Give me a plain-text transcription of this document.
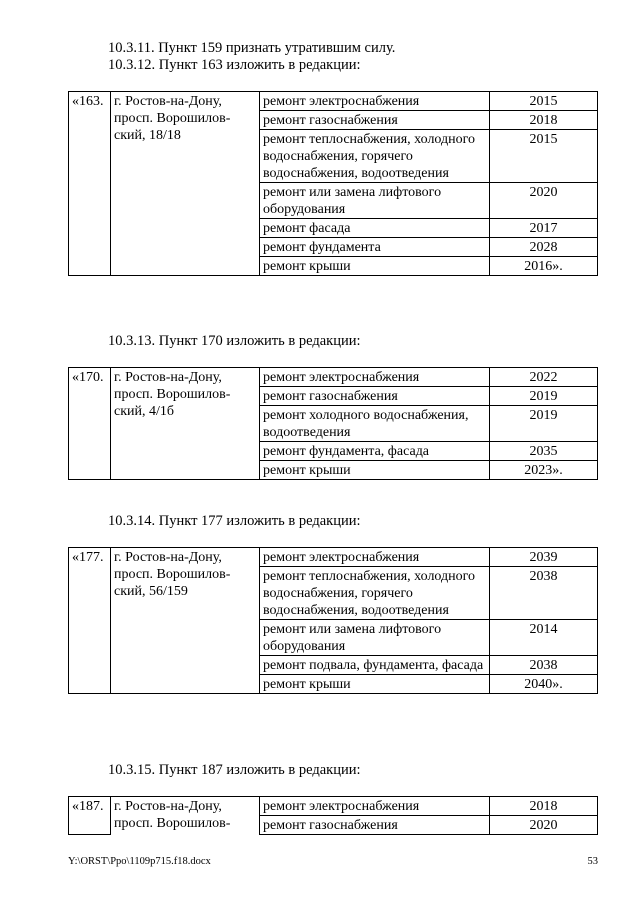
10.3.11. Пункт 159 признать утратившим силу.
10.3.12. Пункт 163 изложить в редакции:
«163.	г. Ростов-на-Дону, просп. Ворошилов-ский, 18/18	ремонт электроснабжения	2015
		ремонт газоснабжения	2018
		ремонт теплоснабжения, холодного водоснабжения, горячего водоснабжения, водоотведения	2015
		ремонт или замена лифтового оборудования	2020
		ремонт фасада	2017
		ремонт фундамента	2028
		ремонт крыши	2016».
10.3.13. Пункт 170 изложить в редакции:
«170.	г. Ростов-на-Дону, просп. Ворошилов-ский, 4/1б	ремонт электроснабжения	2022
		ремонт газоснабжения	2019
		ремонт холодного водоснабжения, водоотведения	2019
		ремонт фундамента, фасада	2035
		ремонт крыши	2023».
10.3.14. Пункт 177 изложить в редакции:
«177.	г. Ростов-на-Дону, просп. Ворошилов-ский, 56/159	ремонт электроснабжения	2039
		ремонт теплоснабжения, холодного водоснабжения, горячего водоснабжения, водоотведения	2038
		ремонт или замена лифтового оборудования	2014
		ремонт подвала, фундамента, фасада	2038
		ремонт крыши	2040».
10.3.15. Пункт 187 изложить в редакции:
«187.	г. Ростов-на-Дону, просп. Ворошилов-	ремонт электроснабжения	2018
		ремонт газоснабжения	2020
Y:\ORST\Ppo\1109p715.f18.docx	53
